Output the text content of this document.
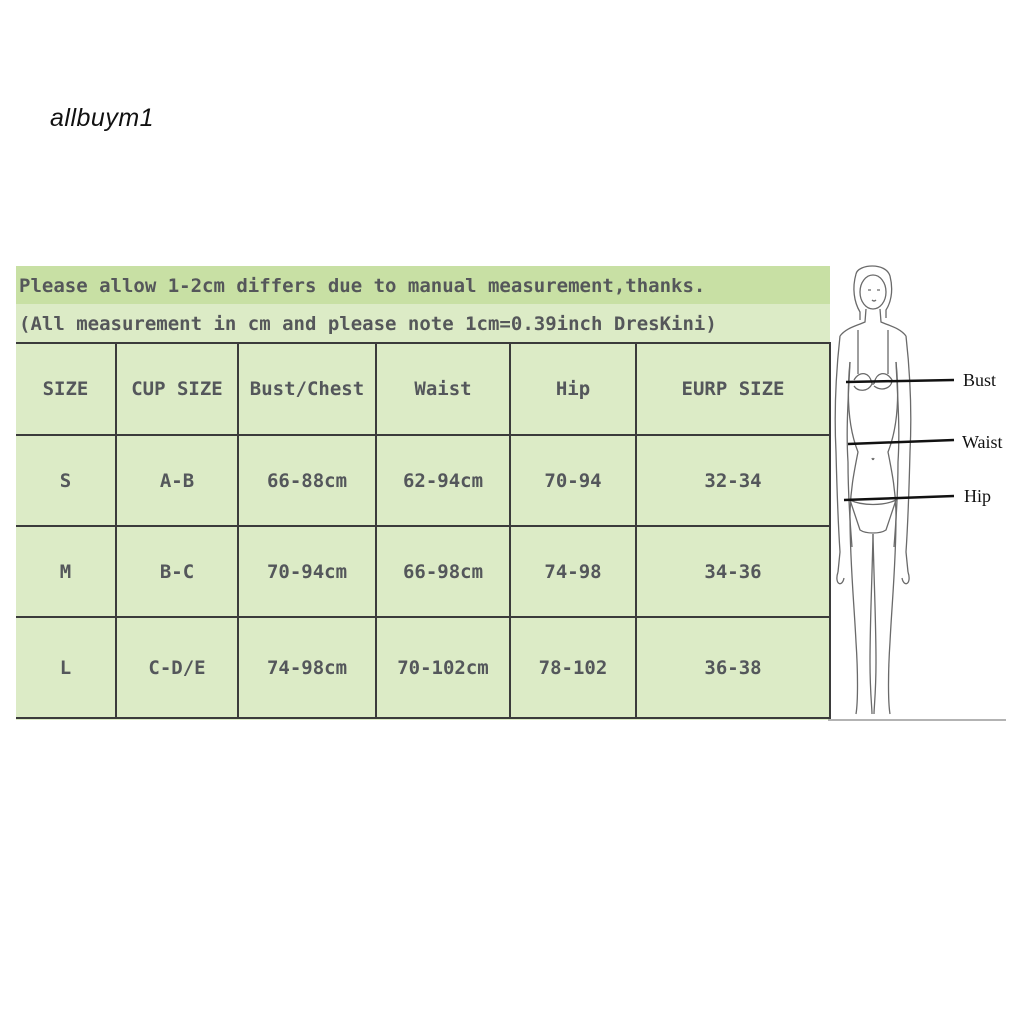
allbuym1
Please allow 1-2cm differs due to manual measurement,thanks.
(All measurement in cm and please note 1cm=0.39inch DresKini)
SIZE	CUP SIZE	Bust/Chest	Waist	Hip	EURP SIZE
S	A-B	66-88cm	62-94cm	70-94	32-34
M	B-C	70-94cm	66-98cm	74-98	34-36
L	C-D/E	74-98cm	70-102cm	78-102	36-38
Bust
Waist
Hip
